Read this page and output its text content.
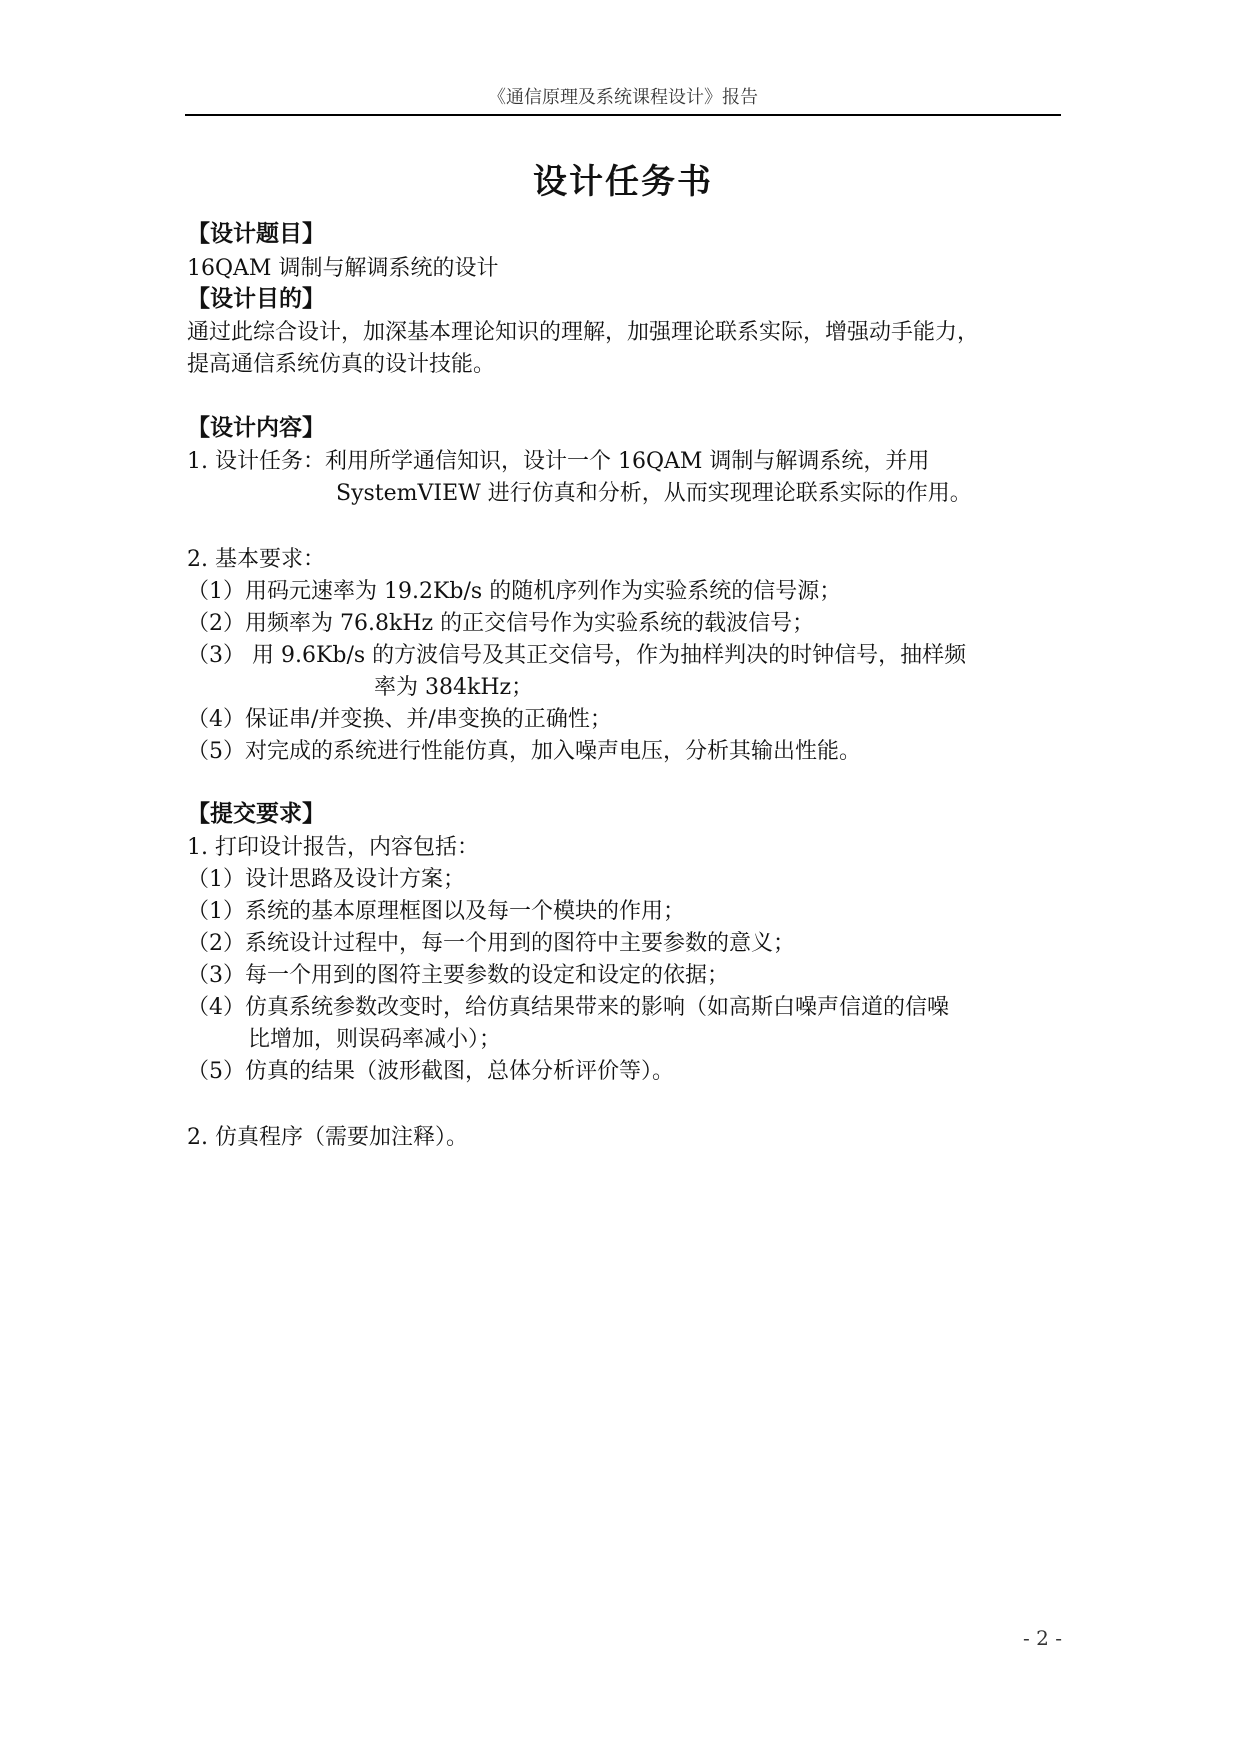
《通信原理及系统课程设计》报告
设计任务书
【设计题目】
16QAM 调制与解调系统的设计
【设计目的】
通过此综合设计，加深基本理论知识的理解，加强理论联系实际，增强动手能力，
提高通信系统仿真的设计技能。
【设计内容】
1. 设计任务：利用所学通信知识，设计一个 16QAM 调制与解调系统，并用
SystemVIEW 进行仿真和分析，从而实现理论联系实际的作用。
2. 基本要求：
（1）用码元速率为 19.2Kb/s 的随机序列作为实验系统的信号源；
（2）用频率为 76.8kHz 的正交信号作为实验系统的载波信号；
（3） 用 9.6Kb/s 的方波信号及其正交信号，作为抽样判决的时钟信号，抽样频
率为 384kHz；
（4）保证串/并变换、并/串变换的正确性；
（5）对完成的系统进行性能仿真，加入噪声电压，分析其输出性能。
【提交要求】
1. 打印设计报告，内容包括：
（1）设计思路及设计方案；
（1）系统的基本原理框图以及每一个模块的作用；
（2）系统设计过程中，每一个用到的图符中主要参数的意义；
（3）每一个用到的图符主要参数的设定和设定的依据；
（4）仿真系统参数改变时，给仿真结果带来的影响（如高斯白噪声信道的信噪
比增加，则误码率减小）；
（5）仿真的结果（波形截图，总体分析评价等）。
2. 仿真程序（需要加注释）。
- 2 -
